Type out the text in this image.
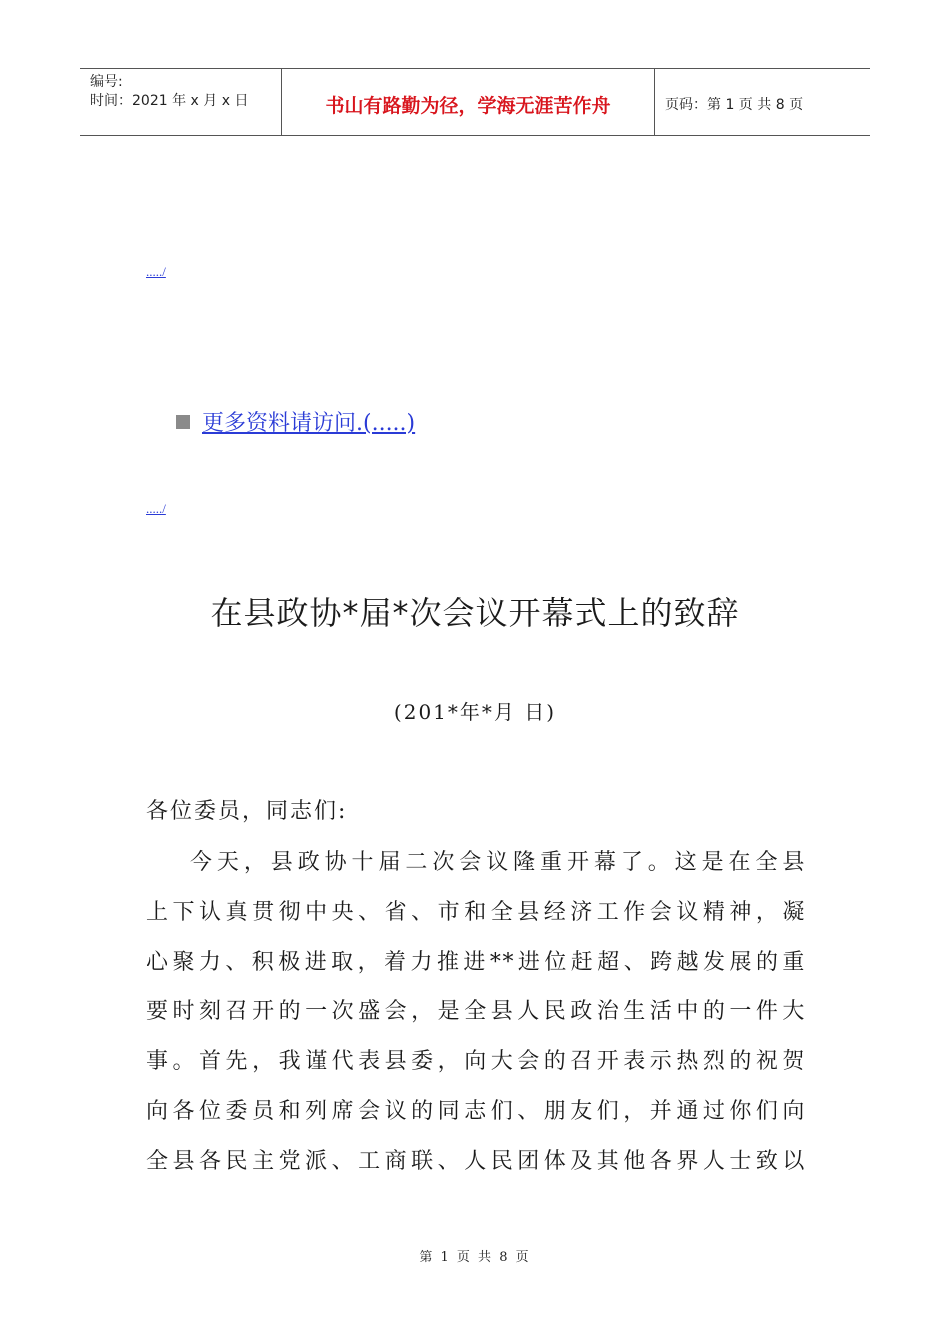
编号:
时间：2021 年 x 月 x 日	书山有路勤为径，学海无涯苦作舟	页码：第 1 页 共 8 页
...../
更多资料请访问.(.....)
...../
在县政协*届*次会议开幕式上的致辞
(201*年*月 日)
各位委员，同志们:
今天，县政协十届二次会议隆重开幕了。这是在全县
上下认真贯彻中央、省、市和全县经济工作会议精神，凝
心聚力、积极进取，着力推进**进位赶超、跨越发展的重
要时刻召开的一次盛会，是全县人民政治生活中的一件大
事。首先，我谨代表县委，向大会的召开表示热烈的祝贺
向各位委员和列席会议的同志们、朋友们，并通过你们向
全县各民主党派、工商联、人民团体及其他各界人士致以
第 1 页 共 8 页
